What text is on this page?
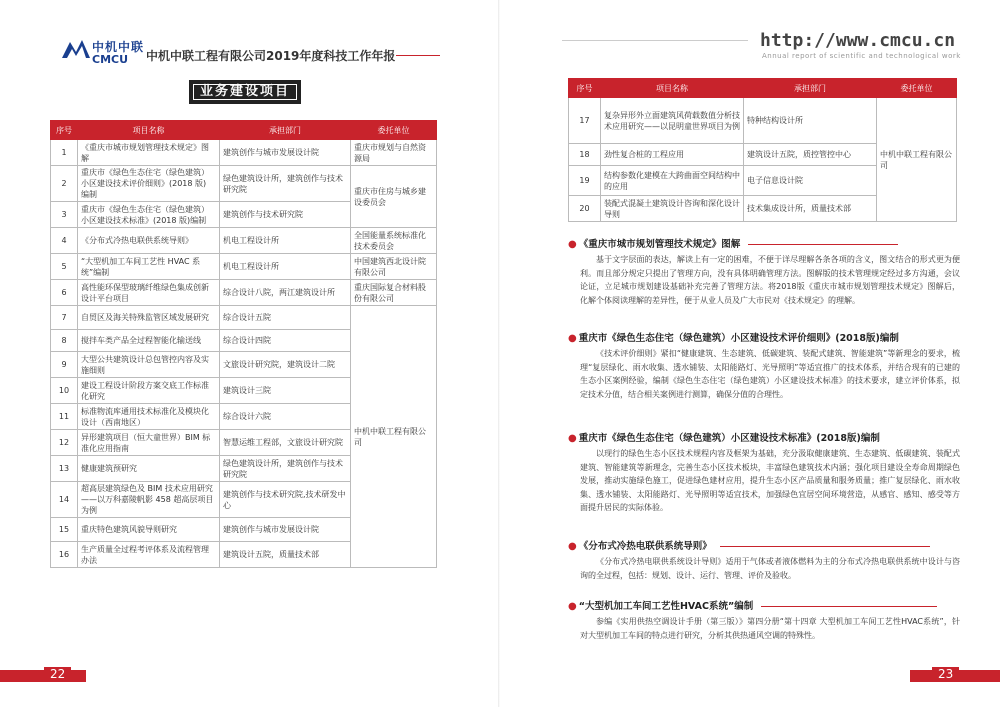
中机中联
CMCU 中机中联工程有限公司2019年度科技工作年报
业务建设项目
序号	项目名称	承担部门	委托单位
1	《重庆市城市规划管理技术规定》图解	建筑创作与城市发展设计院	重庆市规划与自然资源局
2	重庆市《绿色生态住宅（绿色建筑）小区建设技术评价细则》(2018 版) 编制	绿色建筑设计所，建筑创作与技术研究院	重庆市住房与城乡建设委员会
3	重庆市《绿色生态住宅（绿色建筑）小区建设技术标准》(2018 版)编制	建筑创作与技术研究院	
4	《分布式冷热电联供系统导则》	机电工程设计所	全国能量系统标准化技术委员会
5	“大型机加工车间工艺性 HVAC 系统”编制	机电工程设计所	中国建筑西北设计院有限公司
6	高性能环保型玻璃纤维绿色集成创新设计平台项目	综合设计八院，两江建筑设计所	重庆国际复合材料股份有限公司
7	自贸区及海关特殊监管区域发展研究	综合设计五院	中机中联工程有限公司
8	搅拌车类产品全过程智能化输送线	综合设计四院	
9	大型公共建筑设计总包管控内容及实施细则	文旅设计研究院，建筑设计二院	
10	建设工程设计阶段方案交底工作标准化研究	建筑设计三院	
11	标准物流库通用技术标准化及模块化设计（西南地区）	综合设计六院	
12	异形建筑项目（恒大童世界）BIM 标准化应用指南	智慧运维工程部，文旅设计研究院	
13	健康建筑预研究	绿色建筑设计所，建筑创作与技术研究院	
14	超高层建筑绿色及 BIM 技术应用研究——以万科嘉陵帆影 458 超高层项目为例	建筑创作与技术研究院,技术研发中心	
15	重庆特色建筑风貌导则研究	建筑创作与城市发展设计院	
16	生产质量全过程考评体系及流程管理办法	建筑设计五院，质量技术部	
22
http://www.cmcu.cn
Annual report of scientific and technological work
23
序号	项目名称	承担部门	委托单位
17	复杂异形外立面建筑风荷载数值分析技术应用研究——以昆明童世界项目为例	特种结构设计所	中机中联工程有限公司
18	劲性复合桩的工程应用	建筑设计五院，质控管控中心	
19	结构参数化建模在大跨曲面空间结构中的应用	电子信息设计院	
20	装配式混凝土建筑设计咨询和深化设计导则	技术集成设计所，质量技术部	
● 《重庆市城市规划管理技术规定》图解

基于文字层面的表达，解读上有一定的困难，不便于详尽理解各条各项的含义，图文结合的形式更为便利。而且部分规定只提出了管理方向，没有具体明确管理方法。图解版的技术管理规定经过多方沟通，会议论证，立足城市规划建设基础补充完善了管理方法。将2018版《重庆市城市规划管理技术规定》图解后，化解个体阅读理解的差异性，便于从业人员及广大市民对《技术规定》的理解。

● 重庆市《绿色生态住宅（绿色建筑）小区建设技术评价细则》(2018版)编制

《技术评价细则》紧扣“健康建筑、生态建筑、低碳建筑、装配式建筑、智能建筑”等新理念的要求，梳理“复层绿化、雨水收集、透水铺装、太阳能路灯、光导照明”等适宜推广的技术体系，并结合现有的已建的生态小区案例经验，编制《绿色生态住宅（绿色建筑）小区建设技术标准》的技术要求，建立评价体系，拟定技术分值，结合相关案例进行测算，确保分值的合理性。

● 重庆市《绿色生态住宅（绿色建筑）小区建设技术标准》(2018版)编制

以现行的绿色生态小区技术规程内容及框架为基础，充分汲取健康建筑、生态建筑、低碳建筑、装配式建筑、智能建筑等新理念，完善生态小区技术板块，丰富绿色建筑技术内涵；强化项目建设全寿命周期绿色发展，推动实施绿色施工，促进绿色建材应用，提升生态小区产品质量和服务质量；推广复层绿化、雨水收集、透水铺装、太阳能路灯、光导照明等适宜技术，加强绿色宜居空间环境营造，从感官、感知、感受等方面提升居民的实际体验。

● 《分布式冷热电联供系统导则》

《分布式冷热电联供系统设计导则》适用于气体或者液体燃料为主的分布式冷热电联供系统中设计与咨询的全过程，包括：规划、设计、运行、管理、评价及验收。

● “大型机加工车间工艺性HVAC系统”编制

参编《实用供热空调设计手册（第三版）》第四分册“第十四章 大型机加工车间工艺性HVAC系统”，针对大型机加工车间的特点进行研究，分析其供热通风空调的特殊性。
